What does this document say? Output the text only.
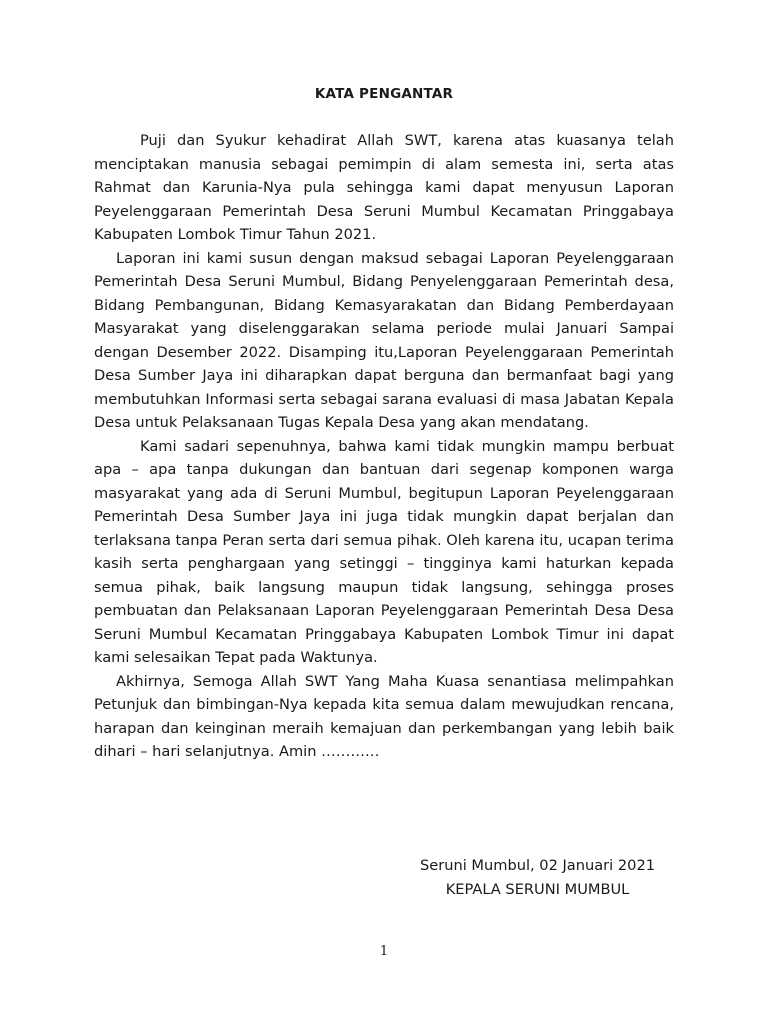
KATA PENGANTAR

Puji dan Syukur kehadirat Allah SWT, karena atas kuasanya telah menciptakan manusia sebagai pemimpin di alam semesta ini, serta atas Rahmat dan Karunia-Nya pula sehingga kami dapat menyusun Laporan Peyelenggaraan Pemerintah Desa Seruni Mumbul Kecamatan Pringgabaya Kabupaten Lombok Timur Tahun 2021.

Laporan ini kami susun dengan maksud sebagai Laporan Peyelenggaraan Pemerintah Desa Seruni Mumbul, Bidang Penyelenggaraan Pemerintah desa, Bidang Pembangunan, Bidang Kemasyarakatan dan Bidang Pemberdayaan Masyarakat yang diselenggarakan selama periode mulai Januari Sampai dengan Desember 2022. Disamping itu,Laporan Peyelenggaraan Pemerintah Desa Sumber Jaya ini diharapkan dapat berguna dan bermanfaat bagi yang membutuhkan Informasi serta sebagai sarana evaluasi di masa Jabatan Kepala Desa untuk Pelaksanaan Tugas Kepala Desa yang akan mendatang.

Kami sadari sepenuhnya, bahwa kami tidak mungkin mampu berbuat apa – apa tanpa dukungan dan bantuan dari segenap komponen warga masyarakat yang ada di Seruni Mumbul, begitupun Laporan Peyelenggaraan Pemerintah Desa Sumber Jaya ini juga tidak mungkin dapat berjalan dan terlaksana tanpa Peran serta dari semua pihak. Oleh karena itu, ucapan terima kasih serta penghargaan yang setinggi – tingginya kami haturkan kepada semua pihak, baik langsung maupun tidak langsung, sehingga proses pembuatan dan Pelaksanaan Laporan Peyelenggaraan Pemerintah Desa Desa Seruni Mumbul Kecamatan Pringgabaya Kabupaten Lombok Timur ini dapat kami selesaikan Tepat pada Waktunya.

Akhirnya, Semoga Allah SWT Yang Maha Kuasa senantiasa melimpahkan Petunjuk dan bimbingan-Nya kepada kita semua dalam mewujudkan rencana, harapan dan keinginan meraih kemajuan dan perkembangan yang lebih baik dihari – hari selanjutnya. Amin …………

Seruni Mumbul, 02 Januari 2021

KEPALA SERUNI MUMBUL

1
